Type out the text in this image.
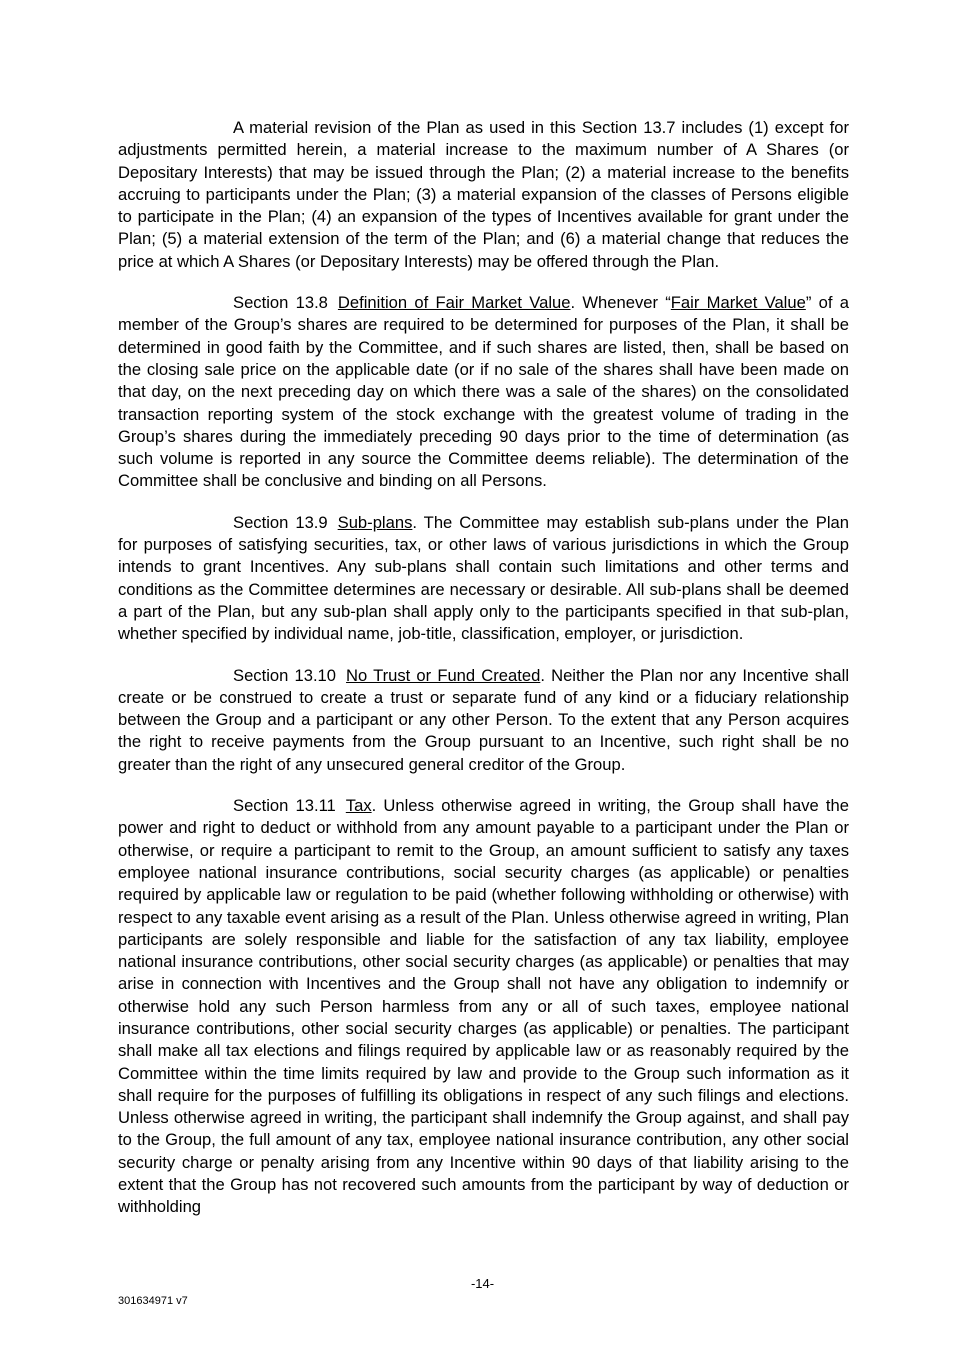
A material revision of the Plan as used in this Section 13.7 includes (1) except for adjustments permitted herein, a material increase to the maximum number of A Shares (or Depositary Interests) that may be issued through the Plan; (2) a material increase to the benefits accruing to participants under the Plan; (3) a material expansion of the classes of Persons eligible to participate in the Plan; (4) an expansion of the types of Incentives available for grant under the Plan; (5) a material extension of the term of the Plan; and (6) a material change that reduces the price at which A Shares (or Depositary Interests) may be offered through the Plan.

Section 13.8 Definition of Fair Market Value. Whenever “Fair Market Value” of a member of the Group’s shares are required to be determined for purposes of the Plan, it shall be determined in good faith by the Committee, and if such shares are listed, then, shall be based on the closing sale price on the applicable date (or if no sale of the shares shall have been made on that day, on the next preceding day on which there was a sale of the shares) on the consolidated transaction reporting system of the stock exchange with the greatest volume of trading in the Group’s shares during the immediately preceding 90 days prior to the time of determination (as such volume is reported in any source the Committee deems reliable). The determination of the Committee shall be conclusive and binding on all Persons.

Section 13.9 Sub-plans. The Committee may establish sub-plans under the Plan for purposes of satisfying securities, tax, or other laws of various jurisdictions in which the Group intends to grant Incentives. Any sub-plans shall contain such limitations and other terms and conditions as the Committee determines are necessary or desirable. All sub-plans shall be deemed a part of the Plan, but any sub-plan shall apply only to the participants specified in that sub-plan, whether specified by individual name, job-title, classification, employer, or jurisdiction.

Section 13.10 No Trust or Fund Created. Neither the Plan nor any Incentive shall create or be construed to create a trust or separate fund of any kind or a fiduciary relationship between the Group and a participant or any other Person. To the extent that any Person acquires the right to receive payments from the Group pursuant to an Incentive, such right shall be no greater than the right of any unsecured general creditor of the Group.

Section 13.11 Tax. Unless otherwise agreed in writing, the Group shall have the power and right to deduct or withhold from any amount payable to a participant under the Plan or otherwise, or require a participant to remit to the Group, an amount sufficient to satisfy any taxes employee national insurance contributions, social security charges (as applicable) or penalties required by applicable law or regulation to be paid (whether following withholding or otherwise) with respect to any taxable event arising as a result of the Plan. Unless otherwise agreed in writing, Plan participants are solely responsible and liable for the satisfaction of any tax liability, employee national insurance contributions, other social security charges (as applicable) or penalties that may arise in connection with Incentives and the Group shall not have any obligation to indemnify or otherwise hold any such Person harmless from any or all of such taxes, employee national insurance contributions, other social security charges (as applicable) or penalties. The participant shall make all tax elections and filings required by applicable law or as reasonably required by the Committee within the time limits required by law and provide to the Group such information as it shall require for the purposes of fulfilling its obligations in respect of any such filings and elections. Unless otherwise agreed in writing, the participant shall indemnify the Group against, and shall pay to the Group, the full amount of any tax, employee national insurance contribution, any other social security charge or penalty arising from any Incentive within 90 days of that liability arising to the extent that the Group has not recovered such amounts from the participant by way of deduction or withholding

-14-
301634971 v7
